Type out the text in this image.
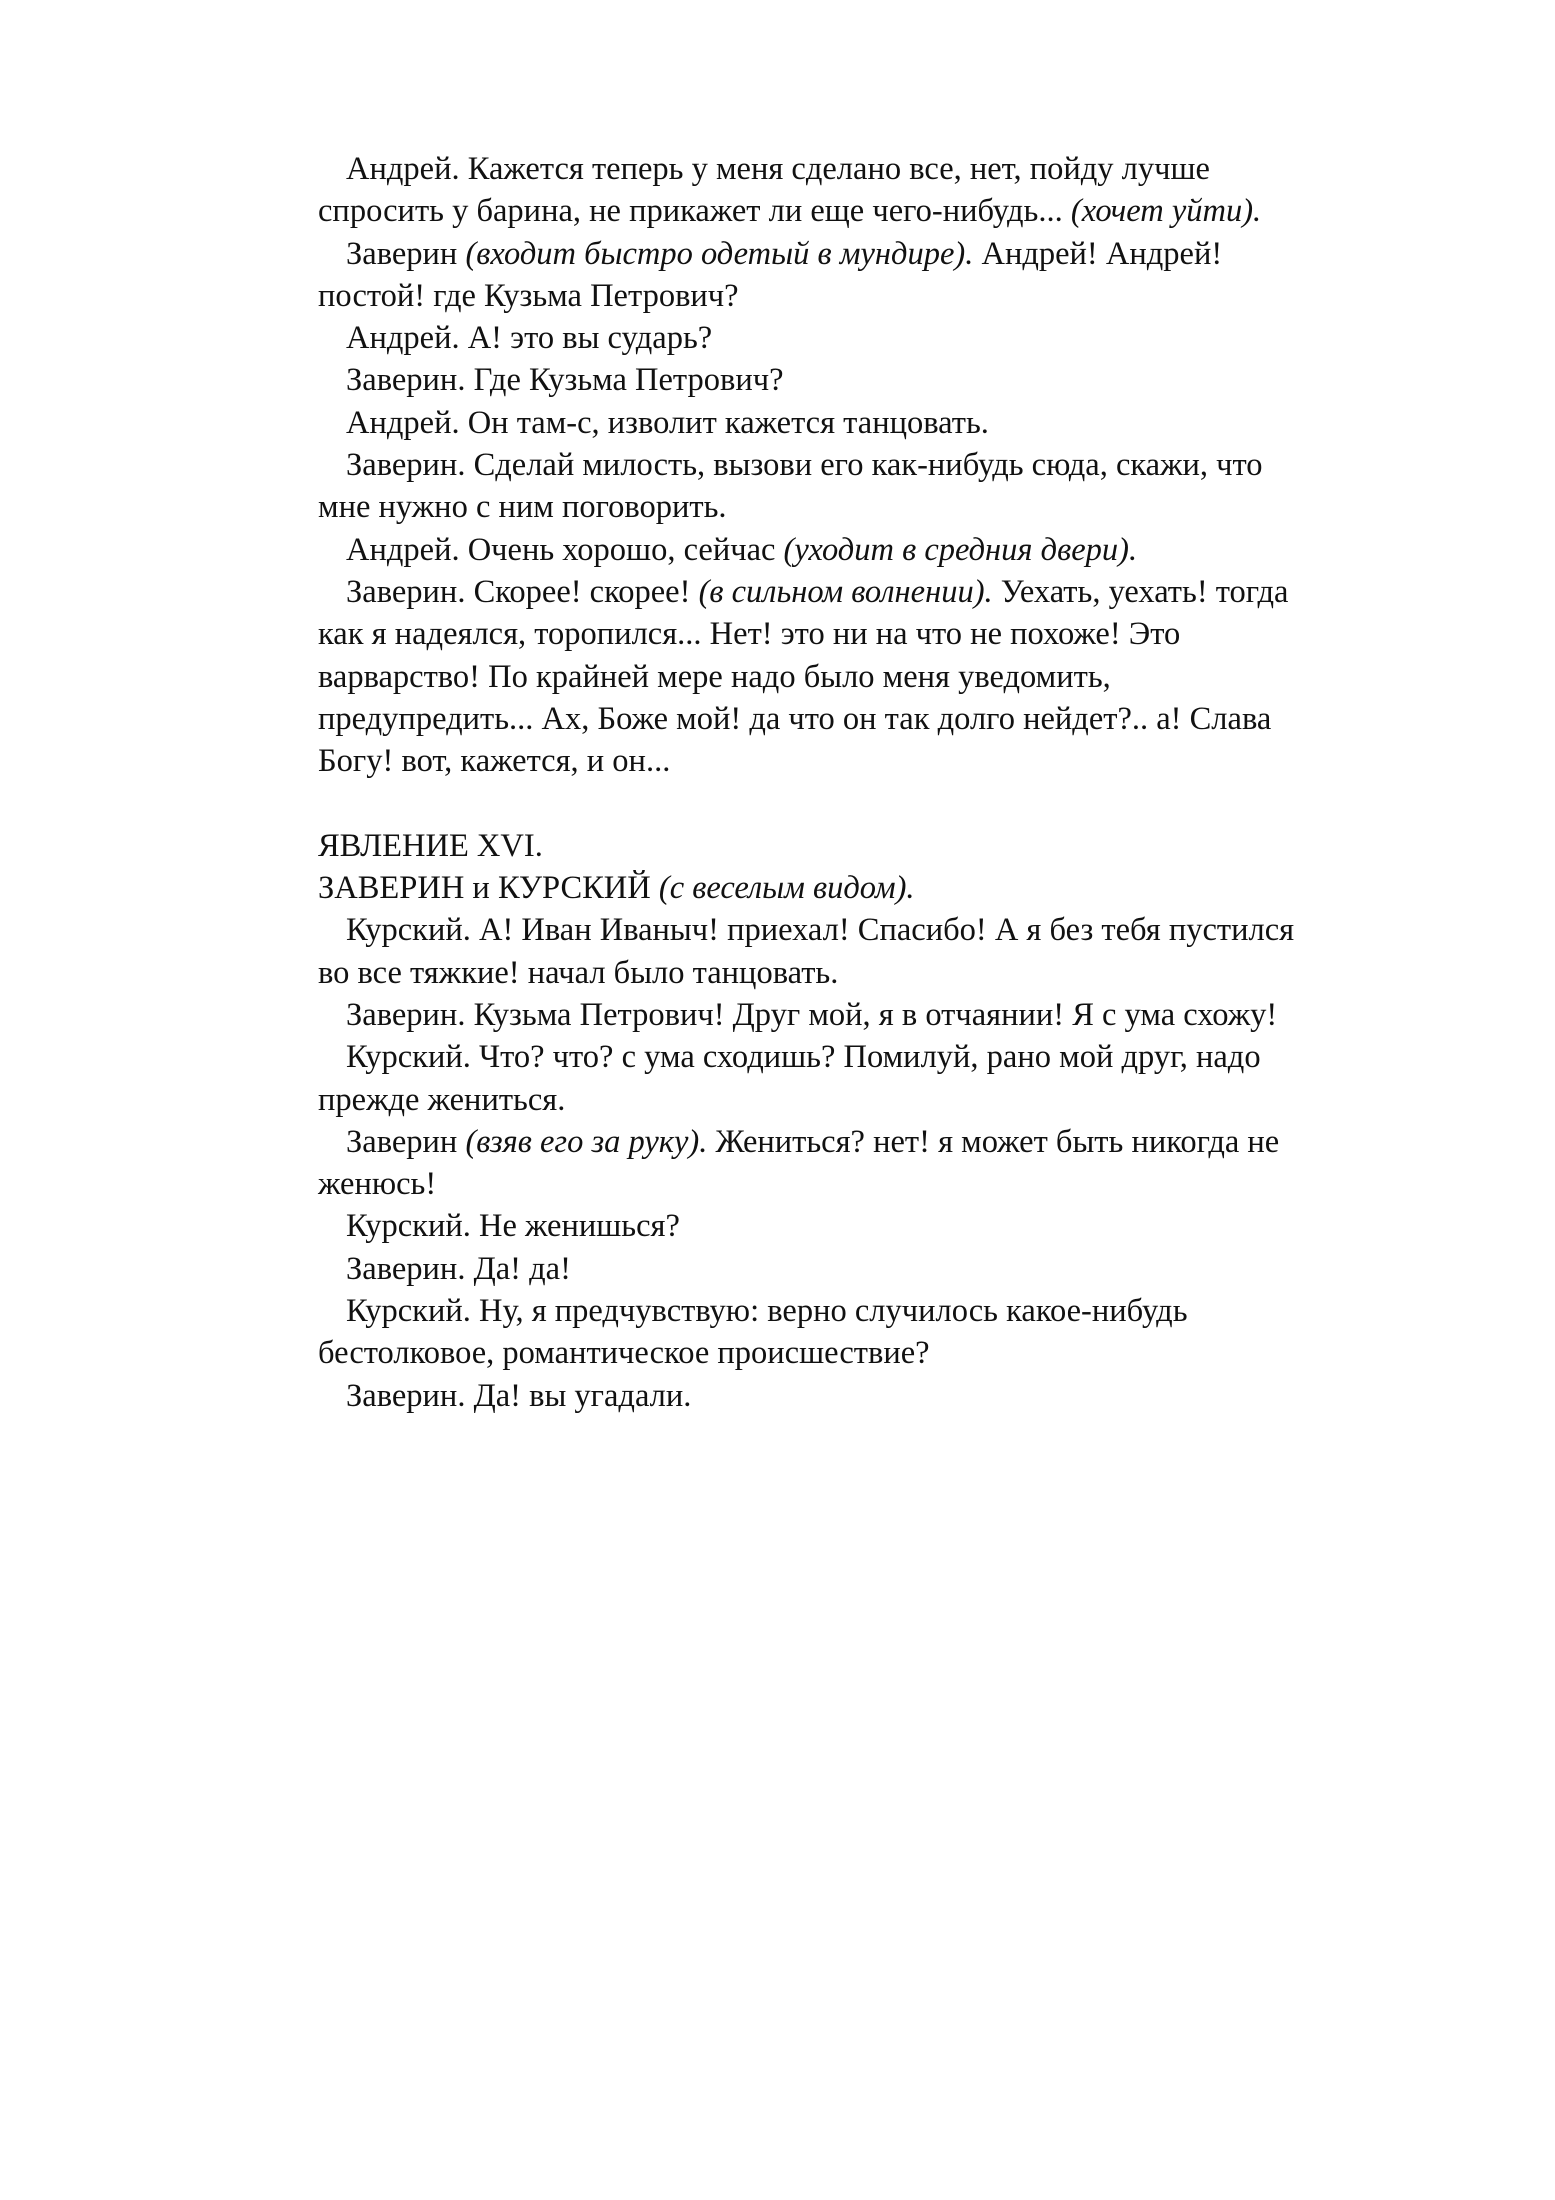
Андрей. Кажется теперь у меня сделано все, нет, пойду лучше
спросить у барина, не прикажет ли еще чего-нибудь... (хочет уйти).

Заверин (входит быстро одетый в мундире). Андрей! Андрей!
постой! где Кузьма Петрович?

Андрей. А! это вы сударь?

Заверин. Где Кузьма Петрович?

Андрей. Он там-с, изволит кажется танцовать.

Заверин. Сделай милость, вызови его как-нибудь сюда, скажи, что
мне нужно с ним поговорить.

Андрей. Очень хорошо, сейчас (уходит в средния двери).

Заверин. Скорее! скорее! (в сильном волнении). Уехать, уехать! тогда
как я надеялся, торопился... Нет! это ни на что не похоже! Это
варварство! По крайней мере надо было меня уведомить,
предупредить... Ах, Боже мой! да что он так долго нейдет?.. а! Слава
Богу! вот, кажется, и он...

ЯВЛЕНИЕ XVI.

ЗАВЕРИН и КУРСКИЙ (с веселым видом).

Курский. А! Иван Иваныч! приехал! Спасибо! А я без тебя пустился
во все тяжкие! начал было танцовать.

Заверин. Кузьма Петрович! Друг мой, я в отчаянии! Я с ума схожу!

Курский. Что? что? с ума сходишь? Помилуй, рано мой друг, надо
прежде жениться.

Заверин (взяв его за руку). Жениться? нет! я может быть никогда не
женюсь!

Курский. Не женишься?

Заверин. Да! да!

Курский. Ну, я предчувствую: верно случилось какое-нибудь
бестолковое, романтическое происшествие?

Заверин. Да! вы угадали.
